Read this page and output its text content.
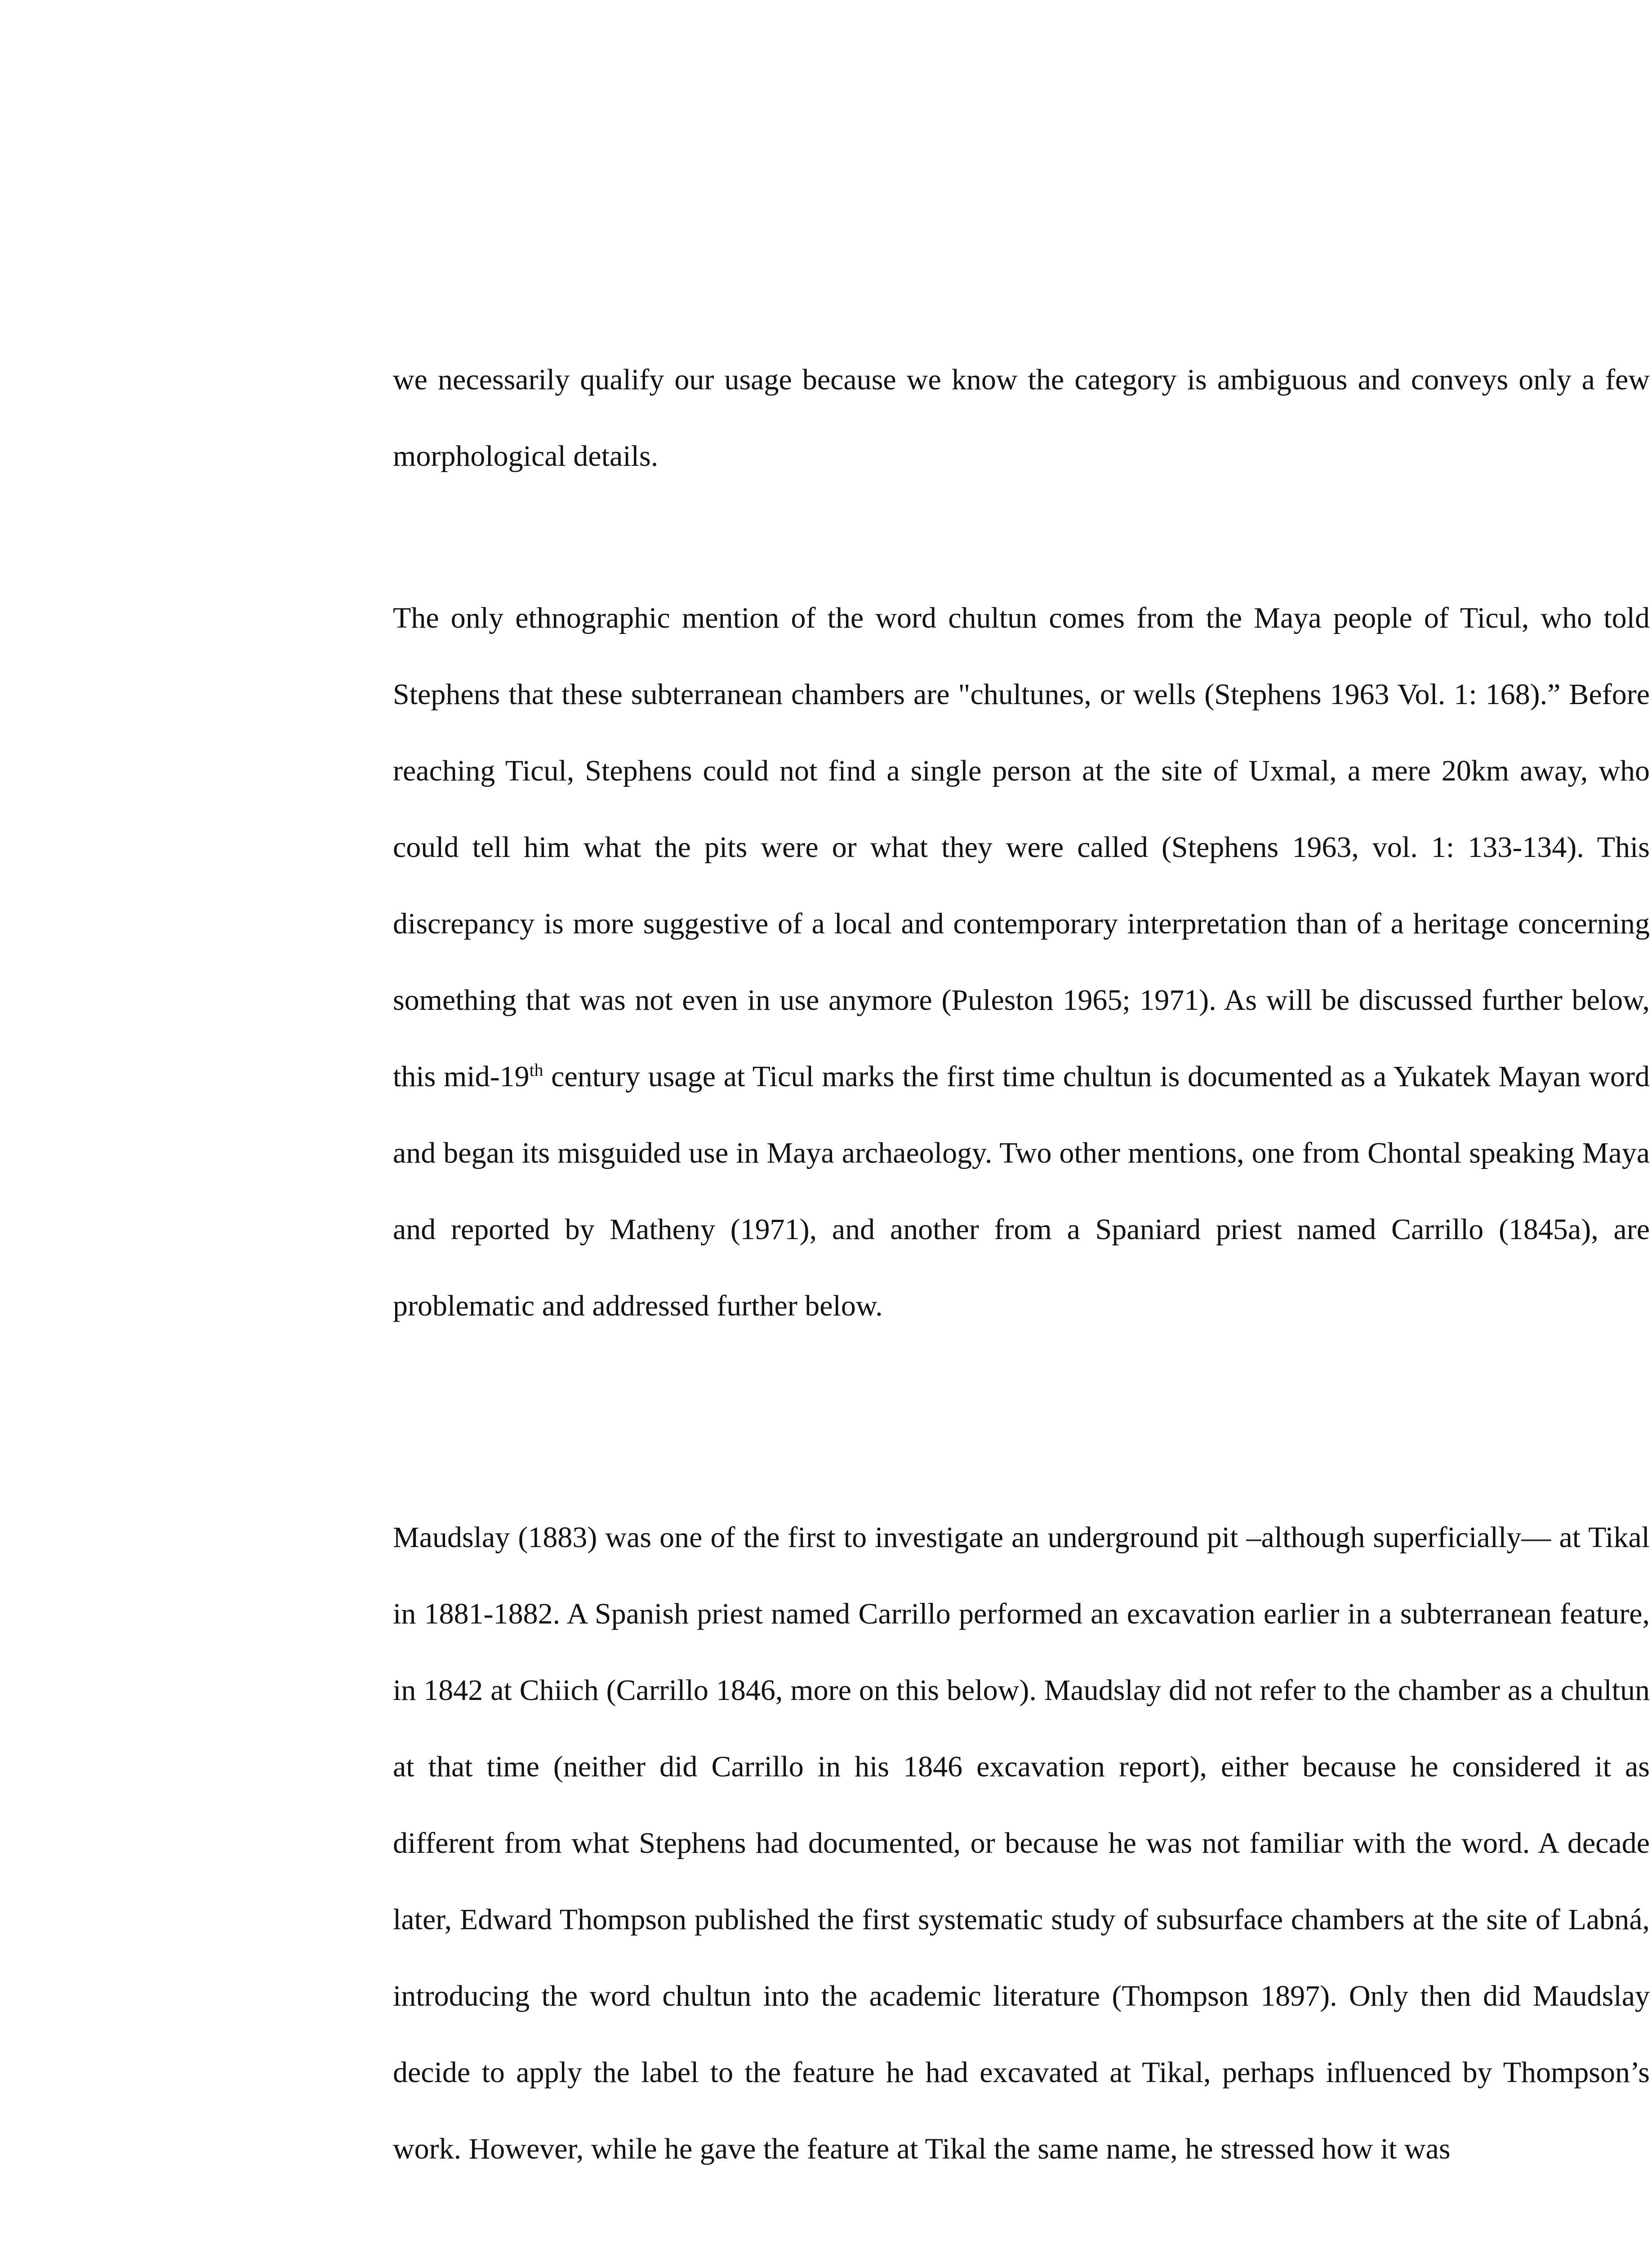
we necessarily qualify our usage because we know the category is ambiguous and conveys only a few morphological details.

The only ethnographic mention of the word chultun comes from the Maya people of Ticul, who told Stephens that these subterranean chambers are "chultunes, or wells (Stephens 1963 Vol. 1: 168).” Before reaching Ticul, Stephens could not find a single person at the site of Uxmal, a mere 20km away, who could tell him what the pits were or what they were called (Stephens 1963, vol. 1: 133-134). This discrepancy is more suggestive of a local and contemporary interpretation than of a heritage concerning something that was not even in use anymore (Puleston 1965; 1971). As will be discussed further below, this mid-19th century usage at Ticul marks the first time chultun is documented as a Yukatek Mayan word and began its misguided use in Maya archaeology. Two other mentions, one from Chontal speaking Maya and reported by Matheny (1971), and another from a Spaniard priest named Carrillo (1845a), are problematic and addressed further below.

Maudslay (1883) was one of the first to investigate an underground pit –although superficially— at Tikal in 1881-1882. A Spanish priest named Carrillo performed an excavation earlier in a subterranean feature, in 1842 at Chiich (Carrillo 1846, more on this below). Maudslay did not refer to the chamber as a chultun at that time (neither did Carrillo in his 1846 excavation report), either because he considered it as different from what Stephens had documented, or because he was not familiar with the word. A decade later, Edward Thompson published the first systematic study of subsurface chambers at the site of Labná, introducing the word chultun into the academic literature (Thompson 1897). Only then did Maudslay decide to apply the label to the feature he had excavated at Tikal, perhaps influenced by Thompson’s work. However, while he gave the feature at Tikal the same name, he stressed how it was
